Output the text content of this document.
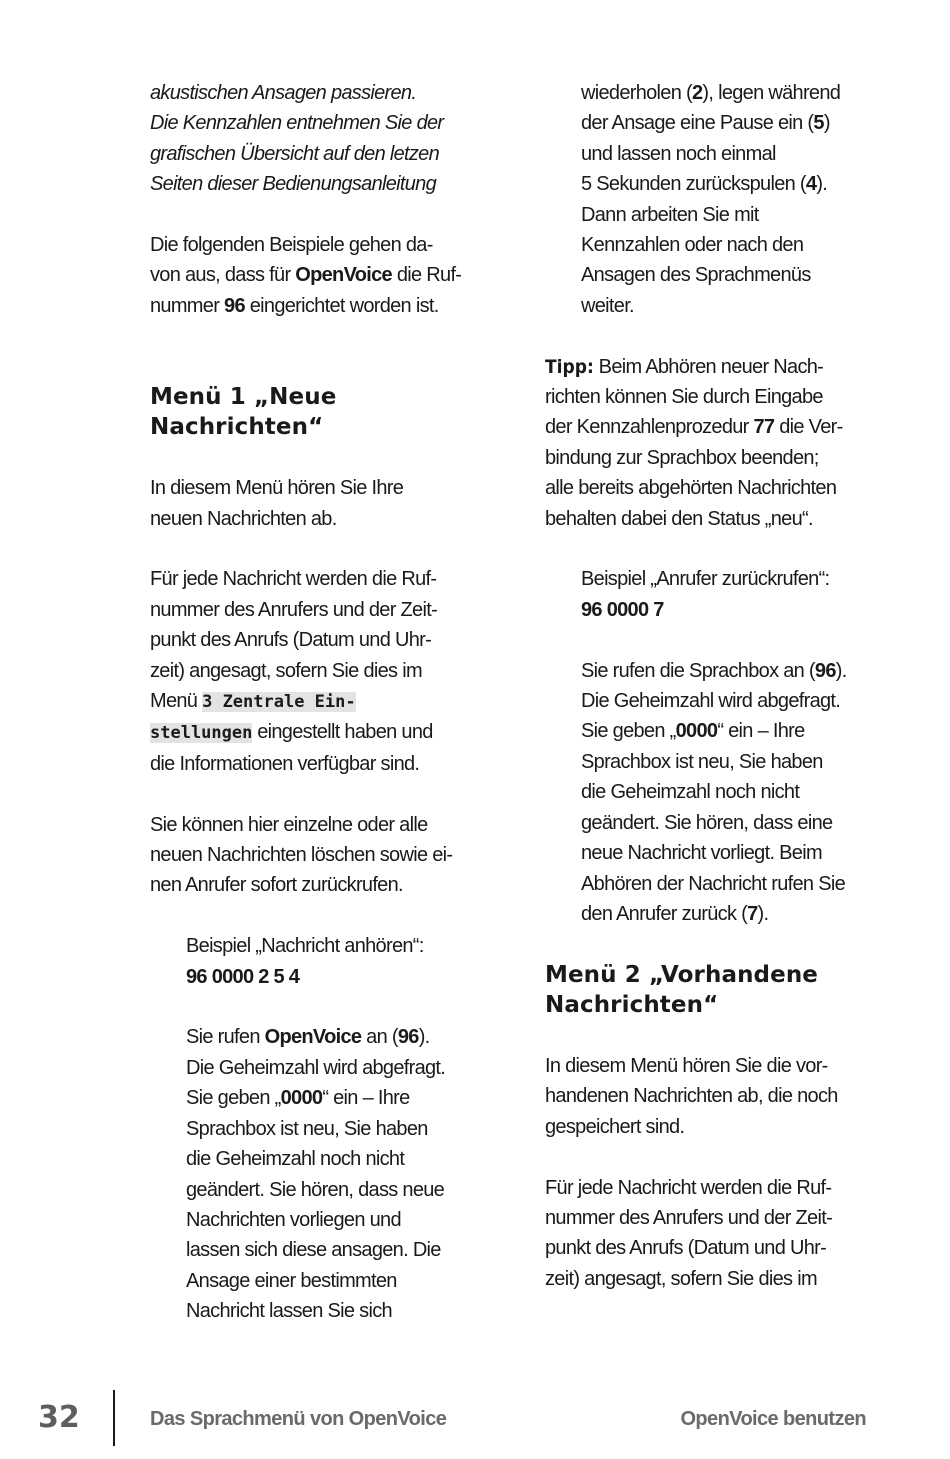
akustischen Ansagen passieren.
Die Kennzahlen entnehmen Sie der
grafischen Übersicht auf den letzen
Seiten dieser Bedienungsanleitung
Die folgenden Beispiele gehen da-
von aus, dass für OpenVoice die Ruf-
nummer 96 eingerichtet worden ist.
Menü 1 „Neue
Nachrichten“
In diesem Menü hören Sie Ihre
neuen Nachrichten ab.
Für jede Nachricht werden die Ruf-
nummer des Anrufers und der Zeit-
punkt des Anrufs (Datum und Uhr-
zeit) angesagt, sofern Sie dies im
Menü 3 Zentrale Ein-
stellungen eingestellt haben und
die Informationen verfügbar sind.
Sie können hier einzelne oder alle
neuen Nachrichten löschen sowie ei-
nen Anrufer sofort zurückrufen.
Beispiel „Nachricht anhören“:
96 0000 2 5 4
Sie rufen OpenVoice an (96).
Die Geheimzahl wird abgefragt.
Sie geben „0000“ ein – Ihre
Sprachbox ist neu, Sie haben
die Geheimzahl noch nicht
geändert. Sie hören, dass neue
Nachrichten vorliegen und
lassen sich diese ansagen. Die
Ansage einer bestimmten
Nachricht lassen Sie sich
wiederholen (2), legen während
der Ansage eine Pause ein (5)
und lassen noch einmal
5 Sekunden zurückspulen (4).
Dann arbeiten Sie mit
Kennzahlen oder nach den
Ansagen des Sprachmenüs
weiter.
Tipp: Beim Abhören neuer Nach-
richten können Sie durch Eingabe
der Kennzahlenprozedur 77 die Ver-
bindung zur Sprachbox beenden;
alle bereits abgehörten Nachrichten
behalten dabei den Status „neu“.
Beispiel „Anrufer zurückrufen“:
96 0000 7
Sie rufen die Sprachbox an (96).
Die Geheimzahl wird abgefragt.
Sie geben „0000“ ein – Ihre
Sprachbox ist neu, Sie haben
die Geheimzahl noch nicht
geändert. Sie hören, dass eine
neue Nachricht vorliegt. Beim
Abhören der Nachricht rufen Sie
den Anrufer zurück (7).
Menü 2 „Vorhandene
Nachrichten“
In diesem Menü hören Sie die vor-
handenen Nachrichten ab, die noch
gespeichert sind.
Für jede Nachricht werden die Ruf-
nummer des Anrufers und der Zeit-
punkt des Anrufs (Datum und Uhr-
zeit) angesagt, sofern Sie dies im
32	Das Sprachmenü von OpenVoice	OpenVoice benutzen
